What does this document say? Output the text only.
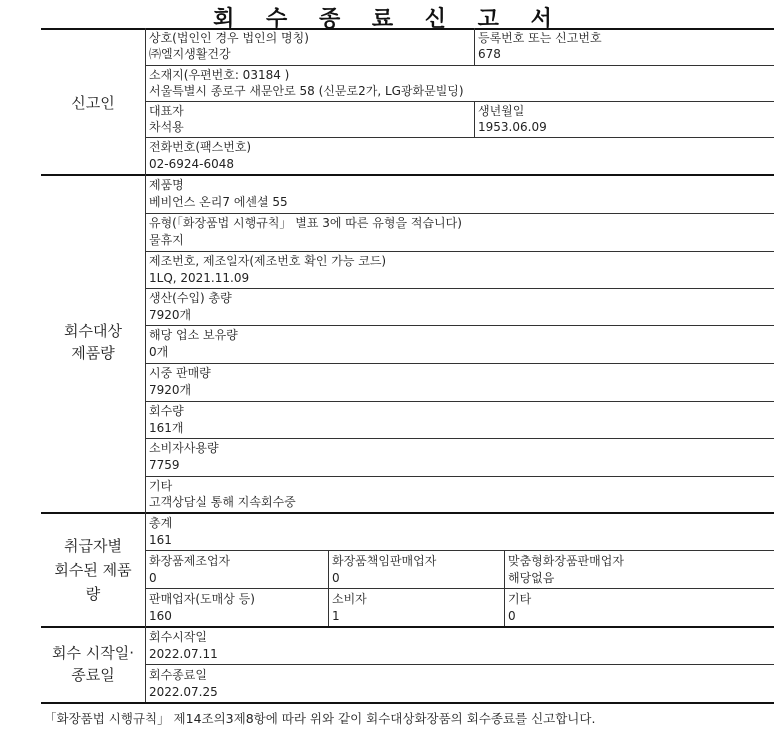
회 수 종 료 신 고 서
신고인
회수대상
제품량
취급자별
회수된 제품
량
회수 시작일·
종료일
상호(법인인 경우 법인의 명칭)
㈜엘지생활건강
등록번호 또는 신고번호
678
소재지(우편번호: 03184 )
서울특별시 종로구 새문안로 58 (신문로2가, LG광화문빌딩)
대표자
차석용
생년월일
1953.06.09
전화번호(팩스번호)
02-6924-6048
제품명
베비언스 온리7 에센셜 55
유형(「화장품법 시행규칙」 별표 3에 따른 유형을 적습니다)
물휴지
제조번호, 제조일자(제조번호 확인 가능 코드)
1LQ, 2021.11.09
생산(수입) 총량
7920개
해당 업소 보유량
0개
시중 판매량
7920개
회수량
161개
소비자사용량
7759
기타
고객상담실 통해 지속회수중
총계
161
화장품제조업자
0
화장품책임판매업자
0
맞춤형화장품판매업자
해당없음
판매업자(도매상 등)
160
소비자
1
기타
0
회수시작일
2022.07.11
회수종료일
2022.07.25
「화장품법 시행규칙」 제14조의3제8항에 따라 위와 같이 회수대상화장품의 회수종료를 신고합니다.
